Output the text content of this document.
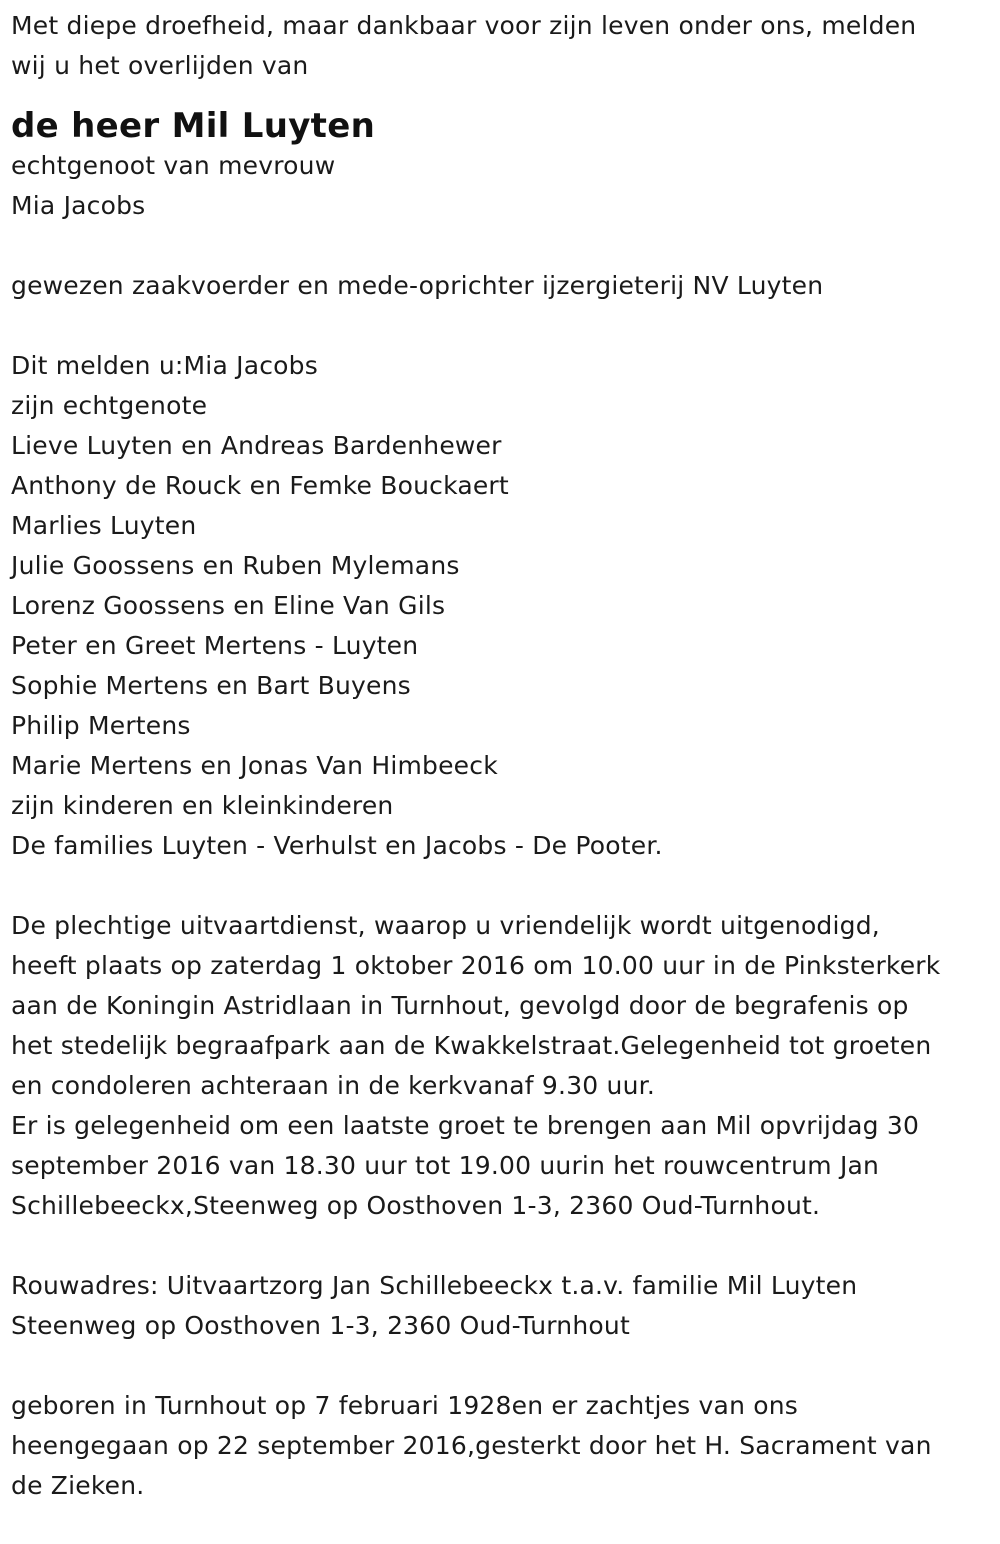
Met diepe droefheid, maar dankbaar voor zijn leven onder ons, melden
wij u het overlijden van
de heer Mil Luyten
echtgenoot van mevrouw
Mia Jacobs
gewezen zaakvoerder en mede-oprichter ijzergieterij NV Luyten
Dit melden u:Mia Jacobs
zijn echtgenote
Lieve Luyten en Andreas Bardenhewer
Anthony de Rouck en Femke Bouckaert
Marlies Luyten
Julie Goossens en Ruben Mylemans
Lorenz Goossens en Eline Van Gils
Peter en Greet Mertens - Luyten
Sophie Mertens en Bart Buyens
Philip Mertens
Marie Mertens en Jonas Van Himbeeck
zijn kinderen en kleinkinderen
De families Luyten - Verhulst en Jacobs - De Pooter.
De plechtige uitvaartdienst, waarop u vriendelijk wordt uitgenodigd,
heeft plaats op zaterdag 1 oktober 2016 om 10.00 uur in de Pinksterkerk
aan de Koningin Astridlaan in Turnhout, gevolgd door de begrafenis op
het stedelijk begraafpark aan de Kwakkelstraat.Gelegenheid tot groeten
en condoleren achteraan in de kerkvanaf 9.30 uur.
Er is gelegenheid om een laatste groet te brengen aan Mil opvrijdag 30
september 2016 van 18.30 uur tot 19.00 uurin het rouwcentrum Jan
Schillebeeckx,Steenweg op Oosthoven 1-3, 2360 Oud-Turnhout.
Rouwadres: Uitvaartzorg Jan Schillebeeckx t.a.v. familie Mil Luyten
Steenweg op Oosthoven 1-3, 2360 Oud-Turnhout
geboren in Turnhout op 7 februari 1928en er zachtjes van ons
heengegaan op 22 september 2016,gesterkt door het H. Sacrament van
de Zieken.
